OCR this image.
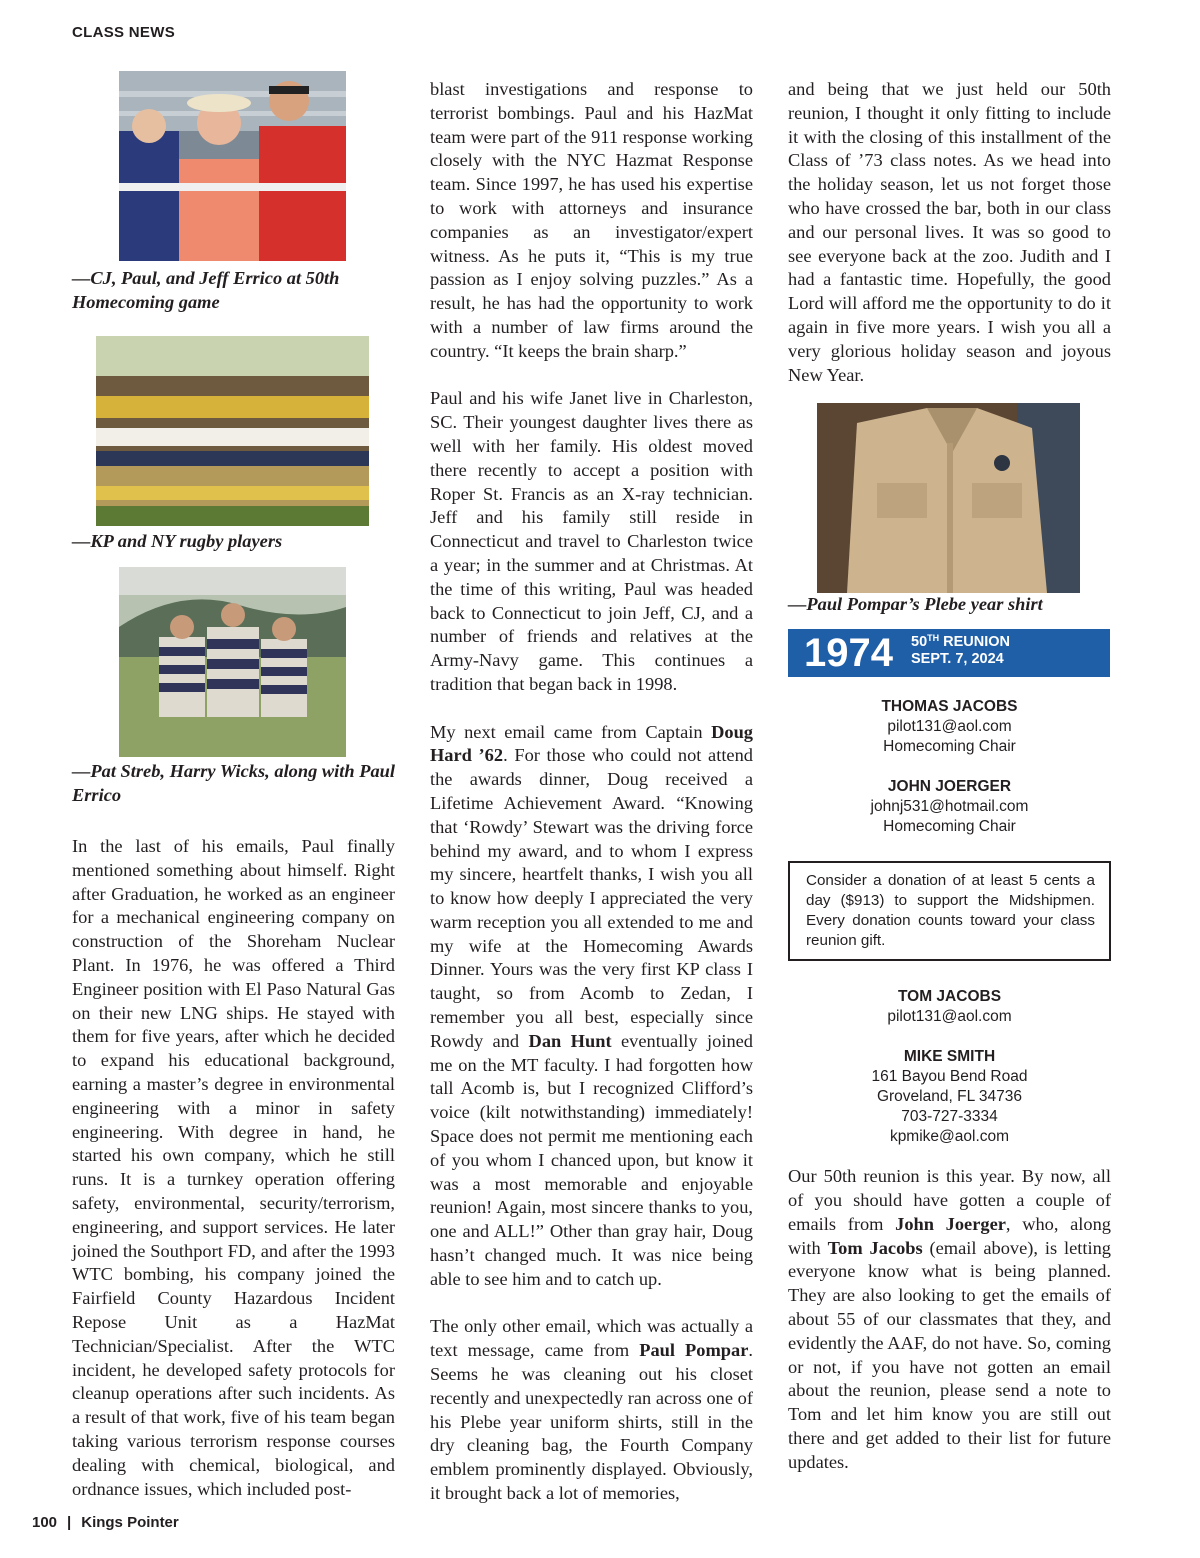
CLASS NEWS
—CJ, Paul, and Jeff Errico at 50th Homecoming game
—KP and NY rugby players
—Pat Streb, Harry Wicks, along with Paul Errico

In the last of his emails, Paul finally mentioned something about himself. Right after Graduation, he worked as an engineer for a mechanical engineering company on construction of the Shoreham Nuclear Plant. In 1976, he was offered a Third Engineer position with El Paso Natural Gas on their new LNG ships. He stayed with them for five years, after which he decided to expand his educational background, earning a master’s degree in environmental engineering with a minor in safety engineering. With degree in hand, he started his own company, which he still runs. It is a turnkey operation offering safety, environmental, security/terrorism, engineering, and support services. He later joined the Southport FD, and after the 1993 WTC bombing, his company joined the Fairfield County Hazardous Incident Repose Unit as a HazMat Technician/Specialist. After the WTC incident, he developed safety protocols for cleanup operations after such incidents. As a result of that work, five of his team began taking various terrorism response courses dealing with chemical, biological, and ordnance issues, which included post-

blast investigations and response to terrorist bombings. Paul and his HazMat team were part of the 911 response working closely with the NYC Hazmat Response team. Since 1997, he has used his expertise to work with attorneys and insurance companies as an investigator/expert witness. As he puts it, “This is my true passion as I enjoy solving puzzles.” As a result, he has had the opportunity to work with a number of law firms around the country. “It keeps the brain sharp.”

Paul and his wife Janet live in Charleston, SC. Their youngest daughter lives there as well with her family. His oldest moved there recently to accept a position with Roper St. Francis as an X-ray technician. Jeff and his family still reside in Connecticut and travel to Charleston twice a year; in the summer and at Christmas. At the time of this writing, Paul was headed back to Connecticut to join Jeff, CJ, and a number of friends and relatives at the Army-Navy game. This continues a tradition that began back in 1998.

My next email came from Captain Doug Hard ’62. For those who could not attend the awards dinner, Doug received a Lifetime Achievement Award. “Knowing that ‘Rowdy’ Stewart was the driving force behind my award, and to whom I express my sincere, heartfelt thanks, I wish you all to know how deeply I appreciated the very warm reception you all extended to me and my wife at the Homecoming Awards Dinner. Yours was the very first KP class I taught, so from Acomb to Zedan, I remember you all best, especially since Rowdy and Dan Hunt eventually joined me on the MT faculty. I had forgotten how tall Acomb is, but I recognized Clifford’s voice (kilt notwithstanding) immediately! Space does not permit me mentioning each of you whom I chanced upon, but know it was a most memorable and enjoyable reunion! Again, most sincere thanks to you, one and ALL!” Other than gray hair, Doug hasn’t changed much. It was nice being able to see him and to catch up.

The only other email, which was actually a text message, came from Paul Pompar. Seems he was cleaning out his closet recently and unexpectedly ran across one of his Plebe year uniform shirts, still in the dry cleaning bag, the Fourth Company emblem prominently displayed. Obviously, it brought back a lot of memories,

and being that we just held our 50th reunion, I thought it only fitting to include it with the closing of this installment of the Class of ’73 class notes. As we head into the holiday season, let us not forget those who have crossed the bar, both in our class and our personal lives. It was so good to see everyone back at the zoo. Judith and I had a fantastic time. Hopefully, the good Lord will afford me the opportunity to do it again in five more years. I wish you all a very glorious holiday season and joyous New Year.

—Paul Pompar’s Plebe year shirt
1974 50TH REUNION
SEPT. 7, 2024
THOMAS JACOBS
pilot131@aol.com
Homecoming Chair
JOHN JOERGER
johnj531@hotmail.com
Homecoming Chair
Consider a donation of at least 5 cents a day ($913) to support the Midshipmen. Every donation counts toward your class reunion gift.
TOM JACOBS
pilot131@aol.com
MIKE SMITH
161 Bayou Bend Road
Groveland, FL 34736
703-727-3334
kpmike@aol.com

Our 50th reunion is this year. By now, all of you should have gotten a couple of emails from John Joerger, who, along with Tom Jacobs (email above), is letting everyone know what is being planned. They are also looking to get the emails of about 55 of our classmates that they, and evidently the AAF, do not have. So, coming or not, if you have not gotten an email about the reunion, please send a note to Tom and let him know you are still out there and get added to their list for future updates.

100 | Kings Pointer
